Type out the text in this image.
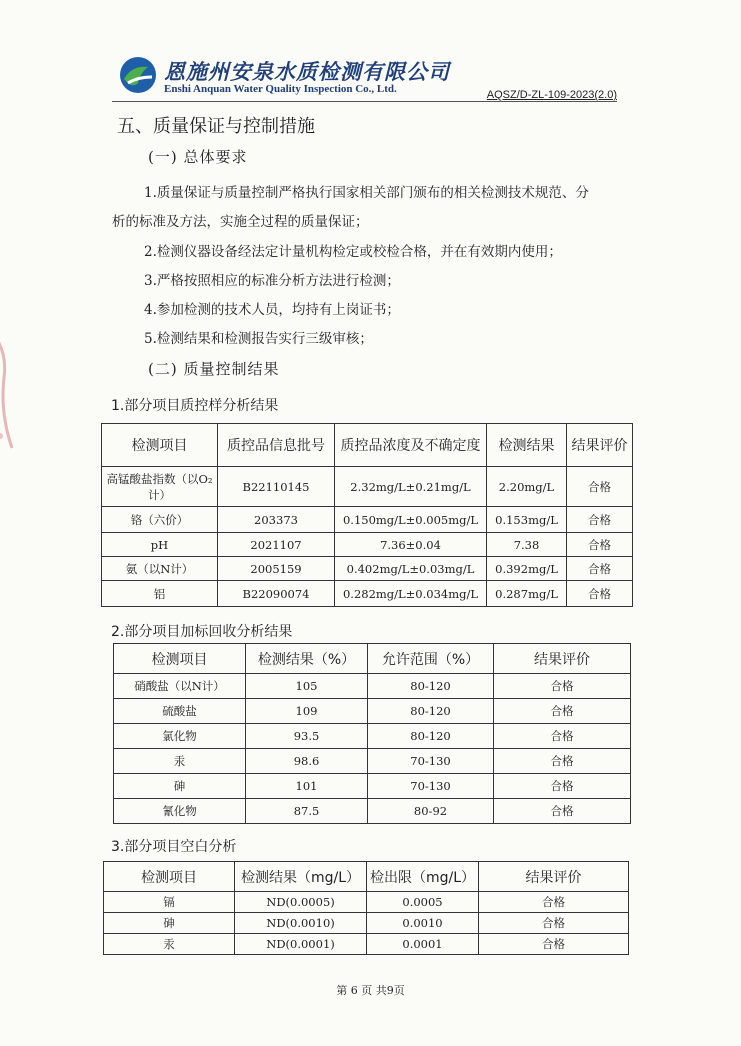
恩施州安泉水质检测有限公司
Enshi Anquan Water Quality Inspection Co., Ltd.	AQSZ/D-ZL-109-2023(2.0)
五、质量保证与控制措施
(一) 总体要求
1.质量保证与质量控制严格执行国家相关部门颁布的相关检测技术规范、分
析的标准及方法，实施全过程的质量保证；
2.检测仪器设备经法定计量机构检定或校检合格，并在有效期内使用；
3.严格按照相应的标准分析方法进行检测；
4.参加检测的技术人员，均持有上岗证书；
5.检测结果和检测报告实行三级审核；
(二) 质量控制结果
1.部分项目质控样分析结果
检测项目	质控品信息批号	质控品浓度及不确定度	检测结果	结果评价
高锰酸盐指数（以O₂计）	B22110145	2.32mg/L±0.21mg/L	2.20mg/L	合格
铬（六价）	203373	0.150mg/L±0.005mg/L	0.153mg/L	合格
pH	2021107	7.36±0.04	7.38	合格
氨（以N计）	2005159	0.402mg/L±0.03mg/L	0.392mg/L	合格
铝	B22090074	0.282mg/L±0.034mg/L	0.287mg/L	合格
2.部分项目加标回收分析结果
检测项目	检测结果（%）	允许范围（%）	结果评价
硝酸盐（以N计）	105	80-120	合格
硫酸盐	109	80-120	合格
氯化物	93.5	80-120	合格
汞	98.6	70-130	合格
砷	101	70-130	合格
氰化物	87.5	80-92	合格
3.部分项目空白分析
检测项目	检测结果（mg/L）	检出限（mg/L）	结果评价
镉	ND(0.0005)	0.0005	合格
砷	ND(0.0010)	0.0010	合格
汞	ND(0.0001)	0.0001	合格
第 6 页 共9页
